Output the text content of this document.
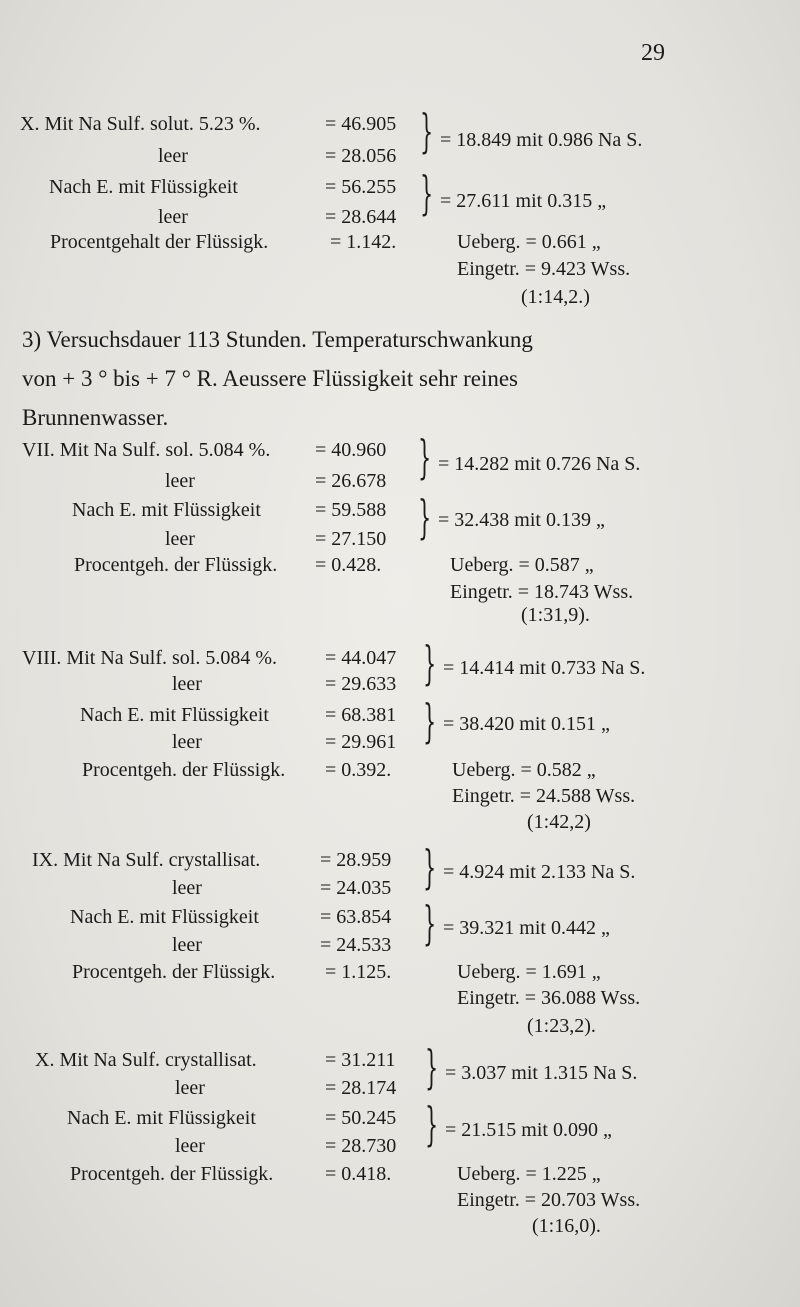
29
X. Mit Na Sulf. solut. 5.23 %.	= 46.905
leer	= 28.056 } = 18.849 mit 0.986 Na S.
Nach E. mit Flüssigkeit	= 56.255
leer	= 28.644 } = 27.611 mit 0.315 „
Procentgehalt der Flüssigk.	= 1.142.	Ueberg. = 0.661 „
Eingetr. = 9.423 Wss.
(1:14,2.)
3) Versuchsdauer 113 Stunden. Temperaturschwankung
von + 3 ° bis + 7 ° R. Aeussere Flüssigkeit sehr reines
Brunnenwasser.
VII. Mit Na Sulf. sol. 5.084 %. = 40.960
leer	= 26.678 } = 14.282 mit 0.726 Na S.
Nach E. mit Flüssigkeit	= 59.588
leer	= 27.150 } = 32.438 mit 0.139 „
Procentgeh. der Flüssigk. = 0.428.	Ueberg. = 0.587 „
Eingetr. = 18.743 Wss.
(1:31,9).
VIII. Mit Na Sulf. sol. 5.084 %. = 44.047
leer	= 29.633 } = 14.414 mit 0.733 Na S.
Nach E. mit Flüssigkeit	= 68.381
leer	= 29.961 } = 38.420 mit 0.151 „
Procentgeh. der Flüssigk. = 0.392.	Ueberg. = 0.582 „
Eingetr. = 24.588 Wss.
(1:42,2)
IX. Mit Na Sulf. crystallisat.	= 28.959
leer	= 24.035 } = 4.924 mit 2.133 Na S.
Nach E. mit Flüssigkeit	= 63.854
leer	= 24.533 } = 39.321 mit 0.442 „
Procentgeh. der Flüssigk. = 1.125.	Ueberg. = 1.691 „
Eingetr. = 36.088 Wss.
(1:23,2).
X. Mit Na Sulf. crystallisat.	= 31.211
leer	= 28.174 } = 3.037 mit 1.315 Na S.
Nach E. mit Flüssigkeit	= 50.245
leer	= 28.730 } = 21.515 mit 0.090 „
Procentgeh. der Flüssigk.	= 0.418.	Ueberg. = 1.225 „
Eingetr. = 20.703 Wss.
(1:16,0).
